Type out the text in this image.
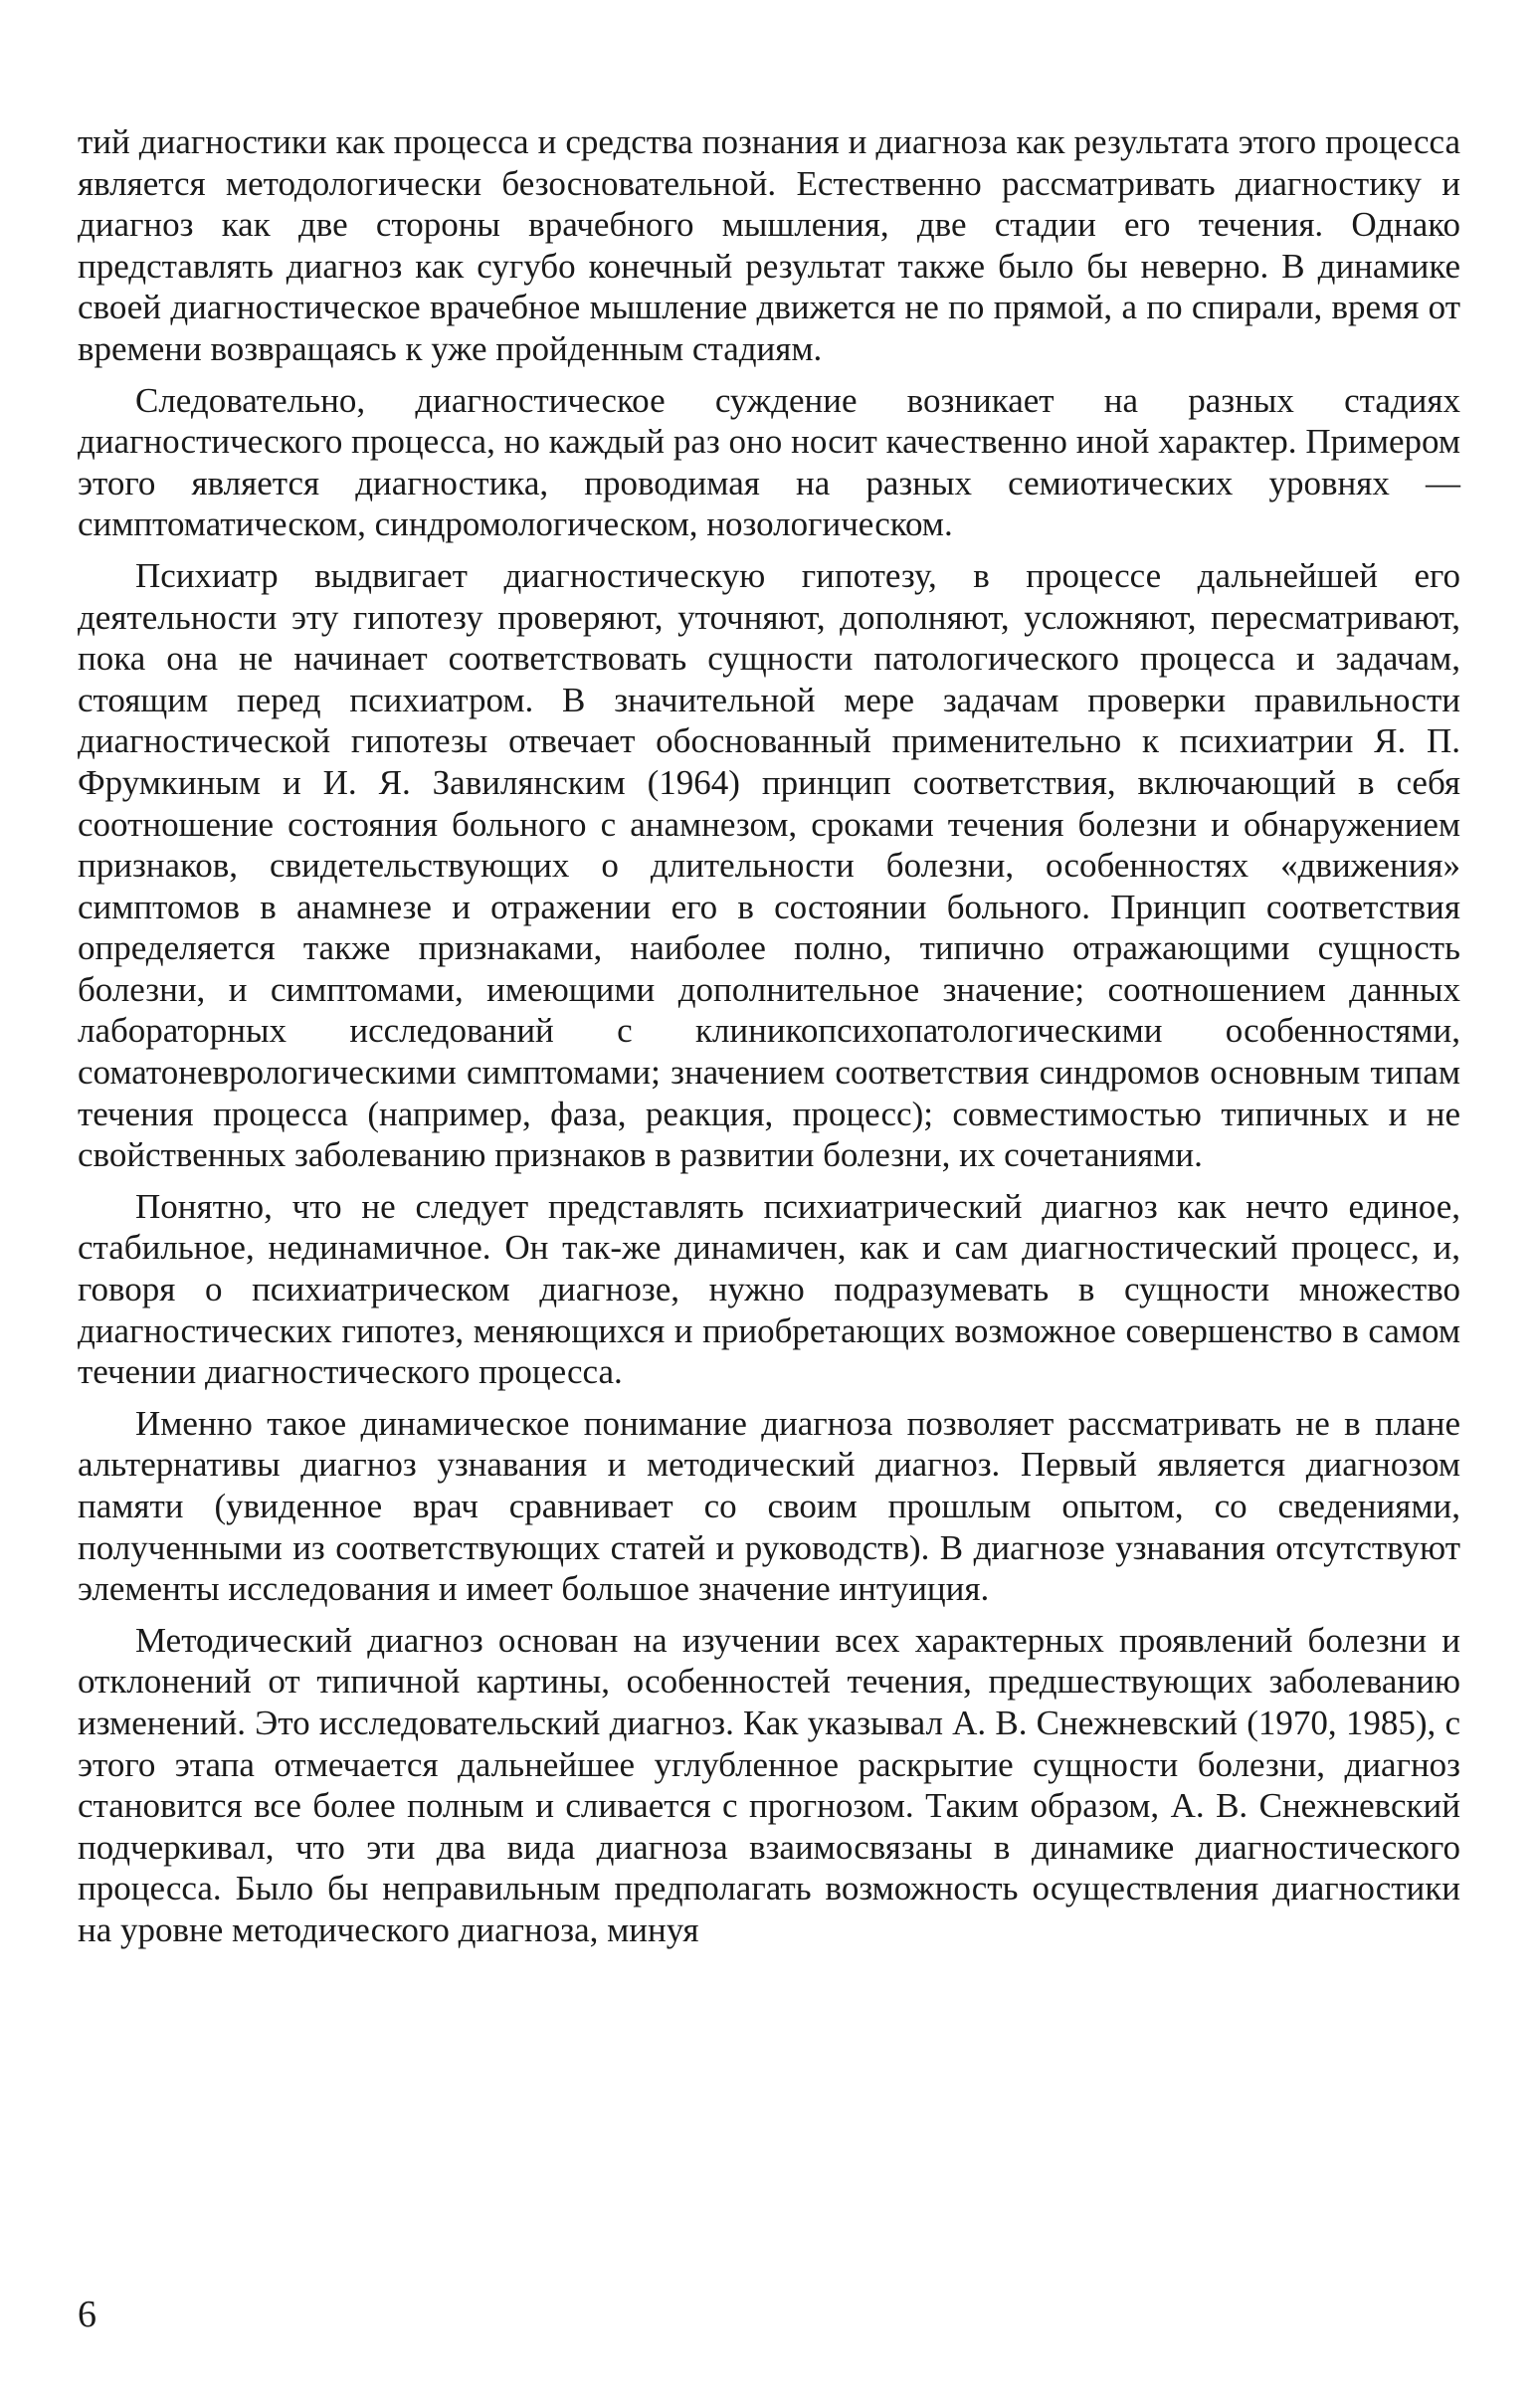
тий диагностики как процесса и средства познания и диагноза как результата этого процесса является методологически безосновательной. Естественно рассматривать диагностику и диагноз как две стороны врачебного мышления, две стадии его течения. Однако представлять диагноз как сугубо конечный результат также было бы неверно. В динамике своей диагностическое врачебное мышление движется не по прямой, а по спирали, время от времени возвращаясь к уже пройденным стадиям.

Следовательно, диагностическое суждение возникает на разных стадиях диагностического процесса, но каждый раз оно носит качественно иной характер. Примером этого является диагностика, проводимая на разных семиотических уровнях — симптоматическом, синдромологическом, нозологическом.

Психиатр выдвигает диагностическую гипотезу, в процессе дальнейшей его деятельности эту гипотезу проверяют, уточняют, дополняют, усложняют, пересматривают, пока она не начинает соответствовать сущности патологического процесса и задачам, стоящим перед психиатром. В значительной мере задачам проверки правильности диагностической гипотезы отвечает обоснованный применительно к психиатрии Я. П. Фрумкиным и И. Я. Завилянским (1964) принцип соответствия, включающий в себя соотношение состояния больного с анамнезом, сроками течения болезни и обнаружением признаков, свидетельствующих о длительности болезни, особенностях «движения» симптомов в анамнезе и отражении его в состоянии больного. Принцип соответствия определяется также признаками, наиболее полно, типично отражающими сущность болезни, и симптомами, имеющими дополнительное значение; соотношением данных лабораторных исследований с клиникопсихопатологическими особенностями, соматоневрологическими симптомами; значением соответствия синдромов основным типам течения процесса (например, фаза, реакция, процесс); совместимостью типичных и не свойственных заболеванию признаков в развитии болезни, их сочетаниями.

Понятно, что не следует представлять психиатрический диагноз как нечто единое, стабильное, нединамичное. Он так-же динамичен, как и сам диагностический процесс, и, говоря о психиатрическом диагнозе, нужно подразумевать в сущности множество диагностических гипотез, меняющихся и приобретающих возможное совершенство в самом течении диагностического процесса.

Именно такое динамическое понимание диагноза позволяет рассматривать не в плане альтернативы диагноз узнавания и методический диагноз. Первый является диагнозом памяти (увиденное врач сравнивает со своим прошлым опытом, со сведениями, полученными из соответствующих статей и руководств). В диагнозе узнавания отсутствуют элементы исследования и имеет большое значение интуиция.

Методический диагноз основан на изучении всех характерных проявлений болезни и отклонений от типичной картины, особенностей течения, предшествующих заболеванию изменений. Это исследовательский диагноз. Как указывал А. В. Снежневский (1970, 1985), с этого этапа отмечается дальнейшее углубленное раскрытие сущности болезни, диагноз становится все более полным и сливается с прогнозом. Таким образом, А. В. Снежневский подчеркивал, что эти два вида диагноза взаимосвязаны в динамике диагностического процесса. Было бы неправильным предполагать возможность осуществления диагностики на уровне методического диагноза, минуя

6
